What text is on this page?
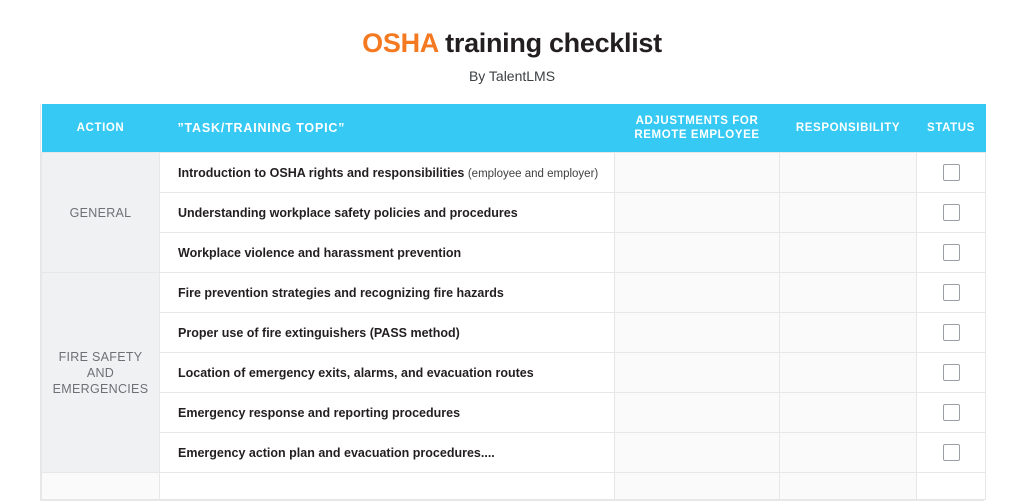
OSHA training checklist
By TalentLMS
ACTION	”TASK/TRAINING TOPIC”	ADJUSTMENTS FOR REMOTE EMPLOYEE	RESPONSIBILITY	STATUS
GENERAL	Introduction to OSHA rights and responsibilities (employee and employer)			
	Understanding workplace safety policies and procedures			
	Workplace violence and harassment prevention			
FIRE SAFETY AND EMERGENCIES	Fire prevention strategies and recognizing fire hazards			
	Proper use of fire extinguishers (PASS method)			
	Location of emergency exits, alarms, and evacuation routes			
	Emergency response and reporting procedures			
	Emergency action plan and evacuation procedures....			
